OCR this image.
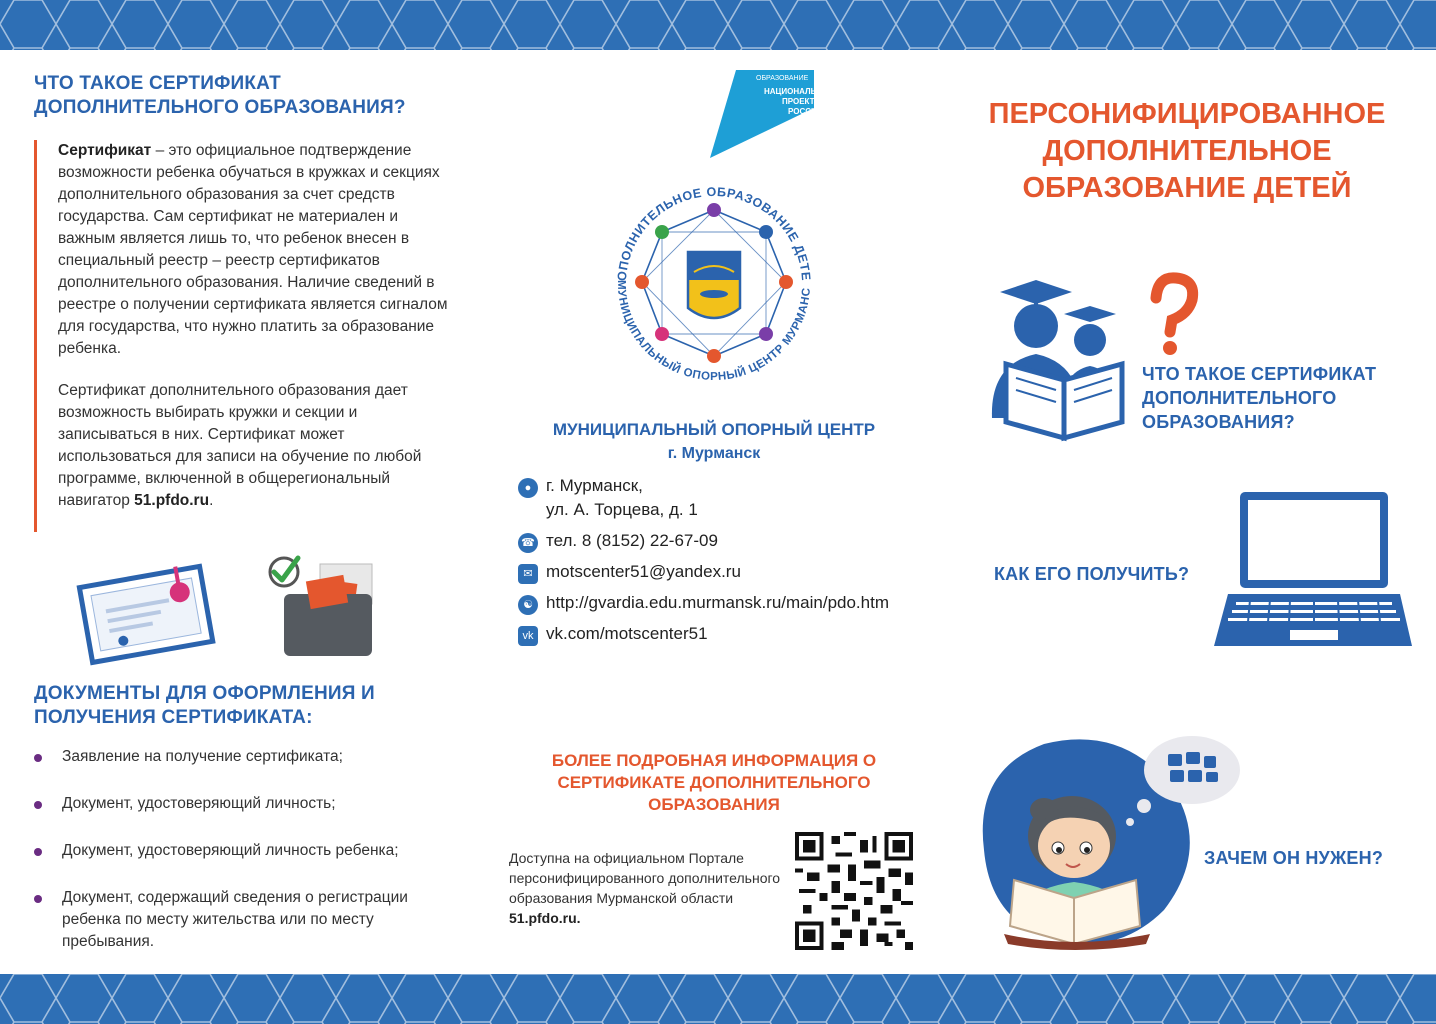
ЧТО ТАКОЕ СЕРТИФИКАТ ДОПОЛНИТЕЛЬНОГО ОБРАЗОВАНИЯ?

Сертификат – это официальное подтверждение возможности ребенка обучаться в кружках и секциях дополнительного образования за счет средств государства. Сам сертификат не материален и важным является лишь то, что ребенок внесен в специальный реестр – реестр сертификатов дополнительного образования. Наличие сведений в реестре о получении сертификата является сигналом для государства, что нужно платить за образование ребенка.

Сертификат дополнительного образования дает возможность выбирать кружки и секции и записываться в них. Сертификат может использоваться для записи на обучение по любой программе, включенной в общерегиональный навигатор 51.pfdo.ru.

ДОКУМЕНТЫ ДЛЯ ОФОРМЛЕНИЯ И ПОЛУЧЕНИЯ СЕРТИФИКАТА:
Заявление на получение сертификата;
Документ, удостоверяющий личность;
Документ, удостоверяющий личность ребенка;
Документ, содержащий сведения о регистрации ребенка по месту жительства или по месту пребывания.
ОБРАЗОВАНИЕ
НАЦИОНАЛЬНЫЕ
ПРОЕКТЫ
РОССИИ
ОПОЛНИТЕЛЬНОЕ ОБРАЗОВАНИЕ ДЕТЕ
МУНИЦИПАЛЬНЫЙ ОПОРНЫЙ ЦЕНТР МУРМАНС
МУНИЦИПАЛЬНЫЙ ОПОРНЫЙ ЦЕНТР
г. Мурманск
● г. Мурманск,
ул. А. Торцева, д. 1
☎ тел. 8 (8152) 22-67-09
✉ motscenter51@yandex.ru
☯ http://gvardia.edu.murmansk.ru/main/pdo.htm
vk vk.com/motscenter51
БОЛЕЕ ПОДРОБНАЯ ИНФОРМАЦИЯ О СЕРТИФИКАТЕ ДОПОЛНИТЕЛЬНОГО ОБРАЗОВАНИЯ
Доступна на официальном Портале персонифицированного дополнительного образования Мурманской области 51.pfdo.ru.
ПЕРСОНИФИЦИРОВАННОЕ ДОПОЛНИТЕЛЬНОЕ ОБРАЗОВАНИЕ ДЕТЕЙ
ЧТО ТАКОЕ СЕРТИФИКАТ ДОПОЛНИТЕЛЬНОГО ОБРАЗОВАНИЯ?
КАК ЕГО ПОЛУЧИТЬ?
ЗАЧЕМ ОН НУЖЕН?
